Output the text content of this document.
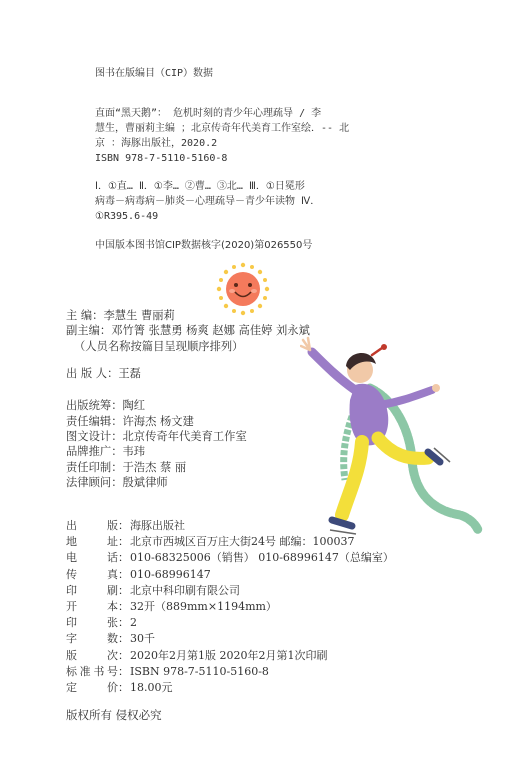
图书在版编目（CIP）数据
直面“黑天鹅”： 危机时刻的青少年心理疏导 / 李
慧生，曹丽莉主编 ；北京传奇年代美育工作室绘．-- 北
京 ：海豚出版社，2020.2
ISBN 978-7-5110-5160-8
Ⅰ．①直… Ⅱ．①李… ②曹… ③北… Ⅲ．①日冕形
病毒－病毒病－肺炎－心理疏导－青少年读物 Ⅳ．
①R395.6-49
中国版本图书馆CIP数据核字(2020)第026550号
主 编：李慧生 曹丽莉
副主编：邓竹箐 张慧勇 杨爽 赵娜 高佳婷 刘永斌
（人员名称按篇目呈现顺序排列）
出 版 人：王磊
出版统筹：陶红
责任编辑：许海杰 杨文建
图文设计：北京传奇年代美育工作室
品牌推广：韦玮
责任印制：于浩杰 蔡 丽
法律顾问：殷斌律师
出	版 ： 海豚出版社
地	址 ： 北京市西城区百万庄大街24号 邮编：100037
电	话 ： 010-68325006（销售） 010-68996147（总编室）
传	真 ： 010-68996147
印	刷 ： 北京中科印刷有限公司
开	本 ： 32开（889mm×1194mm）
印	张 ： 2
字	数 ： 30千
版	次 ： 2020年2月第1版 2020年2月第1次印刷
标 准 书 号 ： ISBN 978-7-5110-5160-8
定	价 ： 18.00元
版权所有 侵权必究
